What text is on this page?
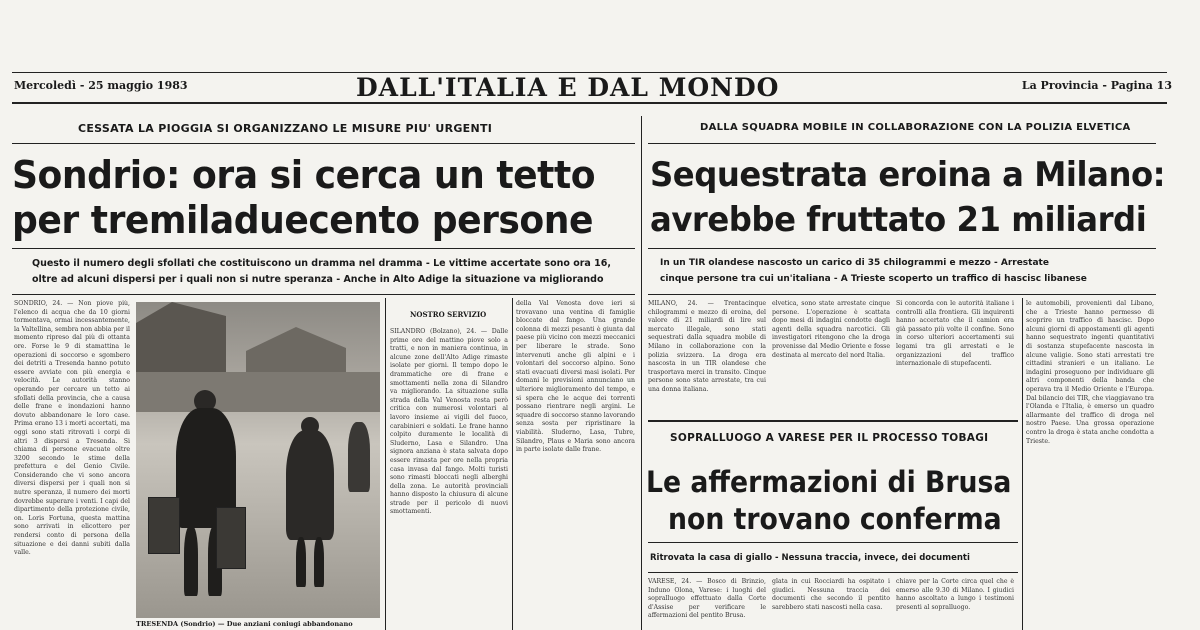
Mercoledì - 25 maggio 1983	DALL'ITALIA E DAL MONDO	La Provincia - Pagina 13
CESSATA LA PIOGGIA SI ORGANIZZANO LE MISURE PIU' URGENTI
Sondrio: ora si cerca un tetto
per tremiladuecento persone
Questo il numero degli sfollati che costituiscono un dramma nel dramma - Le vittime accertate sono ora 16,
oltre ad alcuni dispersi per i quali non si nutre speranza - Anche in Alto Adige la situazione va migliorando

SONDRIO, 24. — Non piove più, l'elenco di acqua che da 10 giorni tormentava, ormai incessantemente, la Valtellina, sembra non abbia per il momento ripreso dal più di ottanta ore. Forse le 9 di stamattina le operazioni di soccorso e sgombero dei detriti a Tresenda hanno potuto essere avviate con più energia e velocità. Le autorità stanno operando per cercare un tetto ai sfollati della provincia, che a causa delle frane e inondazioni hanno dovuto abbandonare le loro case. Prima erano 13 i morti accertati, ma oggi sono stati ritrovati i corpi di altri 3 dispersi a Tresenda. Si chiama di persone evacuate oltre 3200 secondo le stime della prefettura e del Genio Civile. Considerando che vi sono ancora diversi dispersi per i quali non si nutre speranza, il numero dei morti dovrebbe superare i venti. I capi del dipartimento della protezione civile, on. Loris Fortuna, questa mattina sono arrivati in elicottero per rendersi conto di persona della situazione e dei danni subiti dalla valle.

TRESENDA (Sondrio) — Due anziani coniugi abbandonano
NOSTRO SERVIZIO

SILANDRO (Bolzano), 24. — Dalle prime ore del mattino piove solo a tratti, e non in maniera continua, in alcune zone dell'Alto Adige rimaste isolate per giorni. Il tempo dopo le drammatiche ore di frane e smottamenti nella zona di Silandro va migliorando. La situazione sulla strada della Val Venosta resta però critica con numerosi volontari al lavoro insieme ai vigili del fuoco, carabinieri e soldati. Le frane hanno colpito duramente le località di Sluderno, Lasa e Silandro. Una signora anziana è stata salvata dopo essere rimasta per ore nella propria casa invasa dal fango. Molti turisti sono rimasti bloccati negli alberghi della zona. Le autorità provinciali hanno disposto la chiusura di alcune strade per il pericolo di nuovi smottamenti.

della Val Venosta dove ieri si trovavano una ventina di famiglie bloccate dal fango. Una grande colonna di mezzi pesanti è giunta dal paese più vicino con mezzi meccanici per liberare le strade. Sono intervenuti anche gli alpini e i volontari del soccorso alpino. Sono stati evacuati diversi masi isolati. Per domani le previsioni annunciano un ulteriore miglioramento del tempo, e si spera che le acque dei torrenti possano rientrare negli argini. Le squadre di soccorso stanno lavorando senza sosta per ripristinare la viabilità. Sluderno, Lasa, Tubre, Silandro, Plaus e Maria sono ancora in parte isolate dalle frane.

DALLA SQUADRA MOBILE IN COLLABORAZIONE CON LA POLIZIA ELVETICA
Sequestrata eroina a Milano:
avrebbe fruttato 21 miliardi
In un TIR olandese nascosto un carico di 35 chilogrammi e mezzo - Arrestate
cinque persone tra cui un'italiana - A Trieste scoperto un traffico di hascisc libanese

MILANO, 24. — Trentacinque chilogrammi e mezzo di eroina, del valore di 21 miliardi di lire sul mercato illegale, sono stati sequestrati dalla squadra mobile di Milano in collaborazione con la polizia svizzera. La droga era nascosta in un TIR olandese che trasportava merci in transito. Cinque persone sono state arrestate, tra cui una donna italiana.

elvetica, sono state arrestate cinque persone. L'operazione è scattata dopo mesi di indagini condotte dagli agenti della squadra narcotici. Gli investigatori ritengono che la droga provenisse dal Medio Oriente e fosse destinata al mercato del nord Italia.

Si concorda con le autorità italiane i controlli alla frontiera. Gli inquirenti hanno accertato che il camion era già passato più volte il confine. Sono in corso ulteriori accertamenti sui legami tra gli arrestati e le organizzazioni del traffico internazionale di stupefacenti.

le automobili, provenienti dal Libano, che a Trieste hanno permesso di scoprire un traffico di hascisc. Dopo alcuni giorni di appostamenti gli agenti hanno sequestrato ingenti quantitativi di sostanza stupefacente nascosta in alcune valigie. Sono stati arrestati tre cittadini stranieri e un italiano. Le indagini proseguono per individuare gli altri componenti della banda che operava tra il Medio Oriente e l'Europa. Dal bilancio dei TIR, che viaggiavano tra l'Olanda e l'Italia, è emerso un quadro allarmante del traffico di droga nel nostro Paese. Una grossa operazione contro la droga è stata anche condotta a Trieste.

SOPRALLUOGO A VARESE PER IL PROCESSO TOBAGI
Le affermazioni di Brusa
non trovano conferma
Ritrovata la casa di giallo - Nessuna traccia, invece, dei documenti

VARESE, 24. — Bosco di Brinzio, Induno Olona, Varese: i luoghi del sopralluogo effettuato dalla Corte d'Assise per verificare le affermazioni del pentito Brusa.

glata in cui Rocciardi ha ospitato i giudici. Nessuna traccia dei documenti che secondo il pentito sarebbero stati nascosti nella casa.

chiave per la Corte circa quel che è emerso alle 9.30 di Milano. I giudici hanno ascoltato a lungo i testimoni presenti al sopralluogo.
